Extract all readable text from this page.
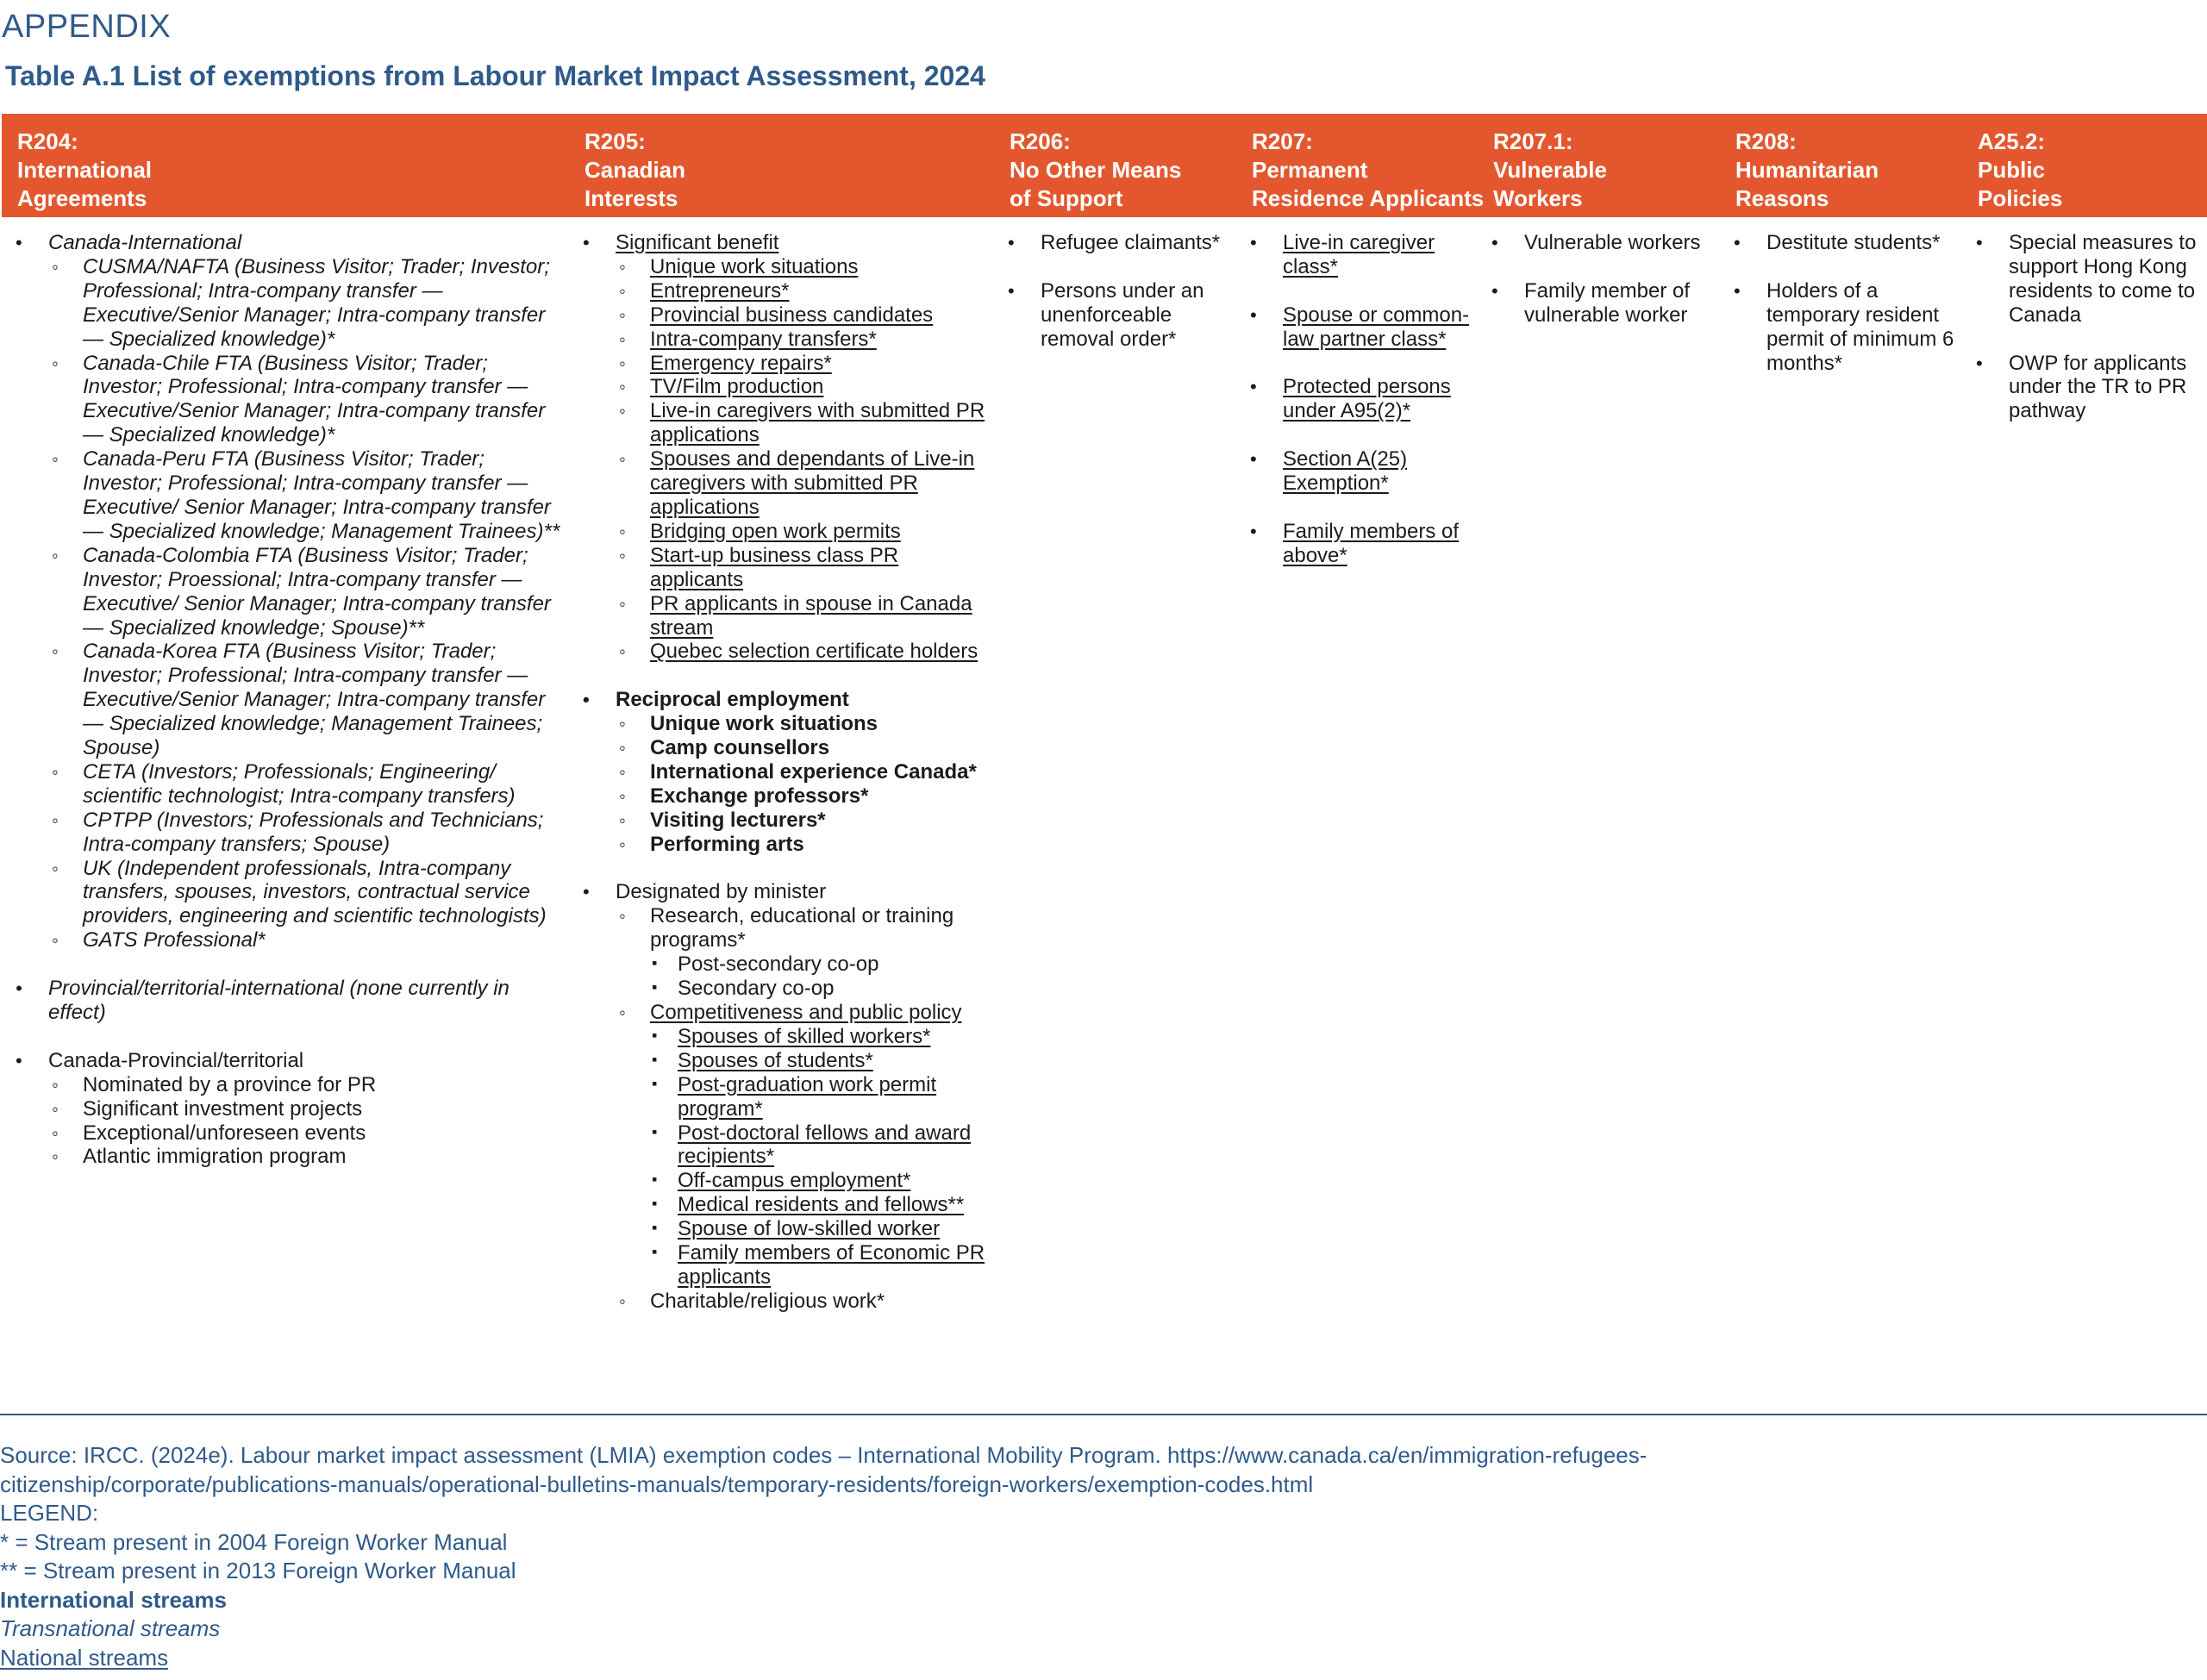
APPENDIX
Table A.1 List of exemptions from Labour Market Impact Assessment, 2024
R204:
International
Agreements
R205:
Canadian
Interests
R206:
No Other Means
of Support
R207:
Permanent
Residence Applicants
R207.1:
Vulnerable
Workers
R208:
Humanitarian
Reasons
A25.2:
Public
Policies
• Canada-International
◦ CUSMA/NAFTA (Business Visitor; Trader; Investor; Professional; Intra-company transfer — Executive/Senior Manager; Intra-company transfer — Specialized knowledge)*
◦ Canada-Chile FTA (Business Visitor; Trader; Investor; Professional; Intra-company transfer — Executive/Senior Manager; Intra-company transfer — Specialized knowledge)*
◦ Canada-Peru FTA (Business Visitor; Trader; Investor; Professional; Intra-company transfer — Executive/ Senior Manager; Intra-company transfer — Specialized knowledge; Management Trainees)**
◦ Canada-Colombia FTA (Business Visitor; Trader; Investor; Proessional; Intra-company transfer — Executive/ Senior Manager; Intra-company transfer — Specialized knowledge; Spouse)**
◦ Canada-Korea FTA (Business Visitor; Trader; Investor; Professional; Intra-company transfer — Executive/Senior Manager; Intra-company transfer — Specialized knowledge; Management Trainees; Spouse)
◦ CETA (Investors; Professionals; Engineering/ scientific technologist; Intra-company transfers)
◦ CPTPP (Investors; Professionals and Technicians; Intra-company transfers; Spouse)
◦ UK (Independent professionals, Intra-company transfers, spouses, investors, contractual service providers, engineering and scientific technologists)
◦ GATS Professional*
• Provincial/territorial-international (none currently in effect)
• Canada-Provincial/territorial
◦ Nominated by a province for PR
◦ Significant investment projects
◦ Exceptional/unforeseen events
◦ Atlantic immigration program
• Significant benefit
◦ Unique work situations
◦ Entrepreneurs*
◦ Provincial business candidates
◦ Intra-company transfers*
◦ Emergency repairs*
◦ TV/Film production
◦ Live-in caregivers with submitted PR applications
◦ Spouses and dependants of Live-in caregivers with submitted PR applications
◦ Bridging open work permits
◦ Start-up business class PR applicants
◦ PR applicants in spouse in Canada stream
◦ Quebec selection certificate holders
• Reciprocal employment
◦ Unique work situations
◦ Camp counsellors
◦ International experience Canada*
◦ Exchange professors*
◦ Visiting lecturers*
◦ Performing arts
• Designated by minister
◦ Research, educational or training programs*
▪ Post-secondary co-op
▪ Secondary co-op
◦ Competitiveness and public policy
▪ Spouses of skilled workers*
▪ Spouses of students*
▪ Post-graduation work permit program*
▪ Post-doctoral fellows and award recipients*
▪ Off-campus employment*
▪ Medical residents and fellows**
▪ Spouse of low-skilled worker
▪ Family members of Economic PR applicants
◦ Charitable/religious work*
• Refugee claimants*
• Persons under an unenforceable removal order*
• Live-in caregiver class*
• Spouse or common-law partner class*
• Protected persons under A95(2)*
• Section A(25) Exemption*
• Family members of above*
• Vulnerable workers
• Family member of vulnerable worker
• Destitute students*
• Holders of a temporary resident permit of minimum 6 months*
• Special measures to support Hong Kong residents to come to Canada
• OWP for applicants under the TR to PR pathway
Source: IRCC. (2024e). Labour market impact assessment (LMIA) exemption codes – International Mobility Program. https://www.canada.ca/en/immigration-refugees-citizenship/corporate/publications-manuals/operational-bulletins-manuals/temporary-residents/foreign-workers/exemption-codes.html
LEGEND:
* = Stream present in 2004 Foreign Worker Manual
** = Stream present in 2013 Foreign Worker Manual
International streams
Transnational streams
National streams
